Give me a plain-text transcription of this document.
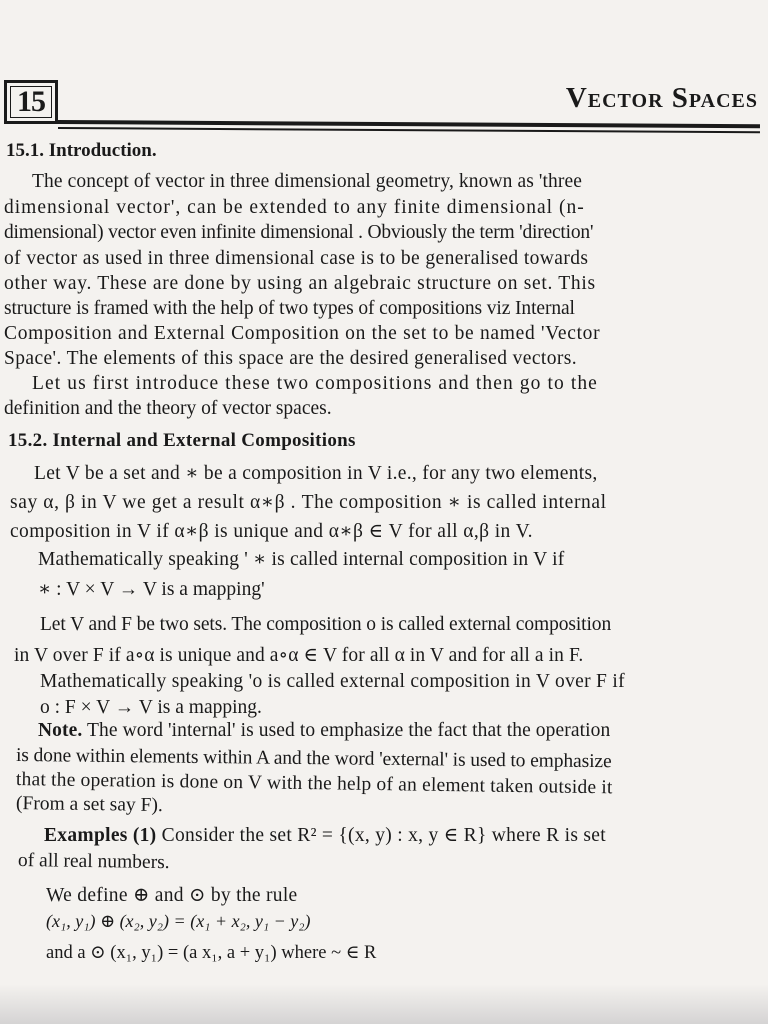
15	Vector Spaces
15.1. Introduction.
The concept of vector in three dimensional geometry, known as 'three
dimensional vector', can be extended to any finite dimensional (n-
dimensional) vector even infinite dimensional . Obviously the term 'direction'
of vector as used in three dimensional case is to be generalised towards
other way. These are done by using an algebraic structure on set. This
structure is framed with the help of two types of compositions viz Internal
Composition and External Composition on the set to be named 'Vector
Space'. The elements of this space are the desired generalised vectors.
Let us first introduce these two compositions and then go to the
definition and the theory of vector spaces.
15.2. Internal and External Compositions
Let V be a set and ∗ be a composition in V i.e., for any two elements,
say α, β in V we get a result α∗β . The composition ∗ is called internal
composition in V if α∗β is unique and α∗β ∈ V for all α,β in V.
Mathematically speaking ' ∗ is called internal composition in V if
∗ : V × V → V is a mapping'
Let V and F be two sets. The composition o is called external composition
in V over F if a∘α is unique and a∘α ∈ V for all α in V and for all a in F.
Mathematically speaking 'o is called external composition in V over F if
o : F × V → V is a mapping.
Note. The word 'internal' is used to emphasize the fact that the operation
is done within elements within A and the word 'external' is used to emphasize
that the operation is done on V with the help of an element taken outside it
(From a set say F).
Examples (1) Consider the set R² = {(x, y) : x, y ∈ R} where R is set
of all real numbers.
We define ⊕ and ⊙ by the rule
(x₁, y₁) ⊕ (x₂, y₂) = (x₁ + x₂, y₁ − y₂)
and a ⊙ (x₁, y₁) = (a x₁, a + y₁) where ~ ∈ R
